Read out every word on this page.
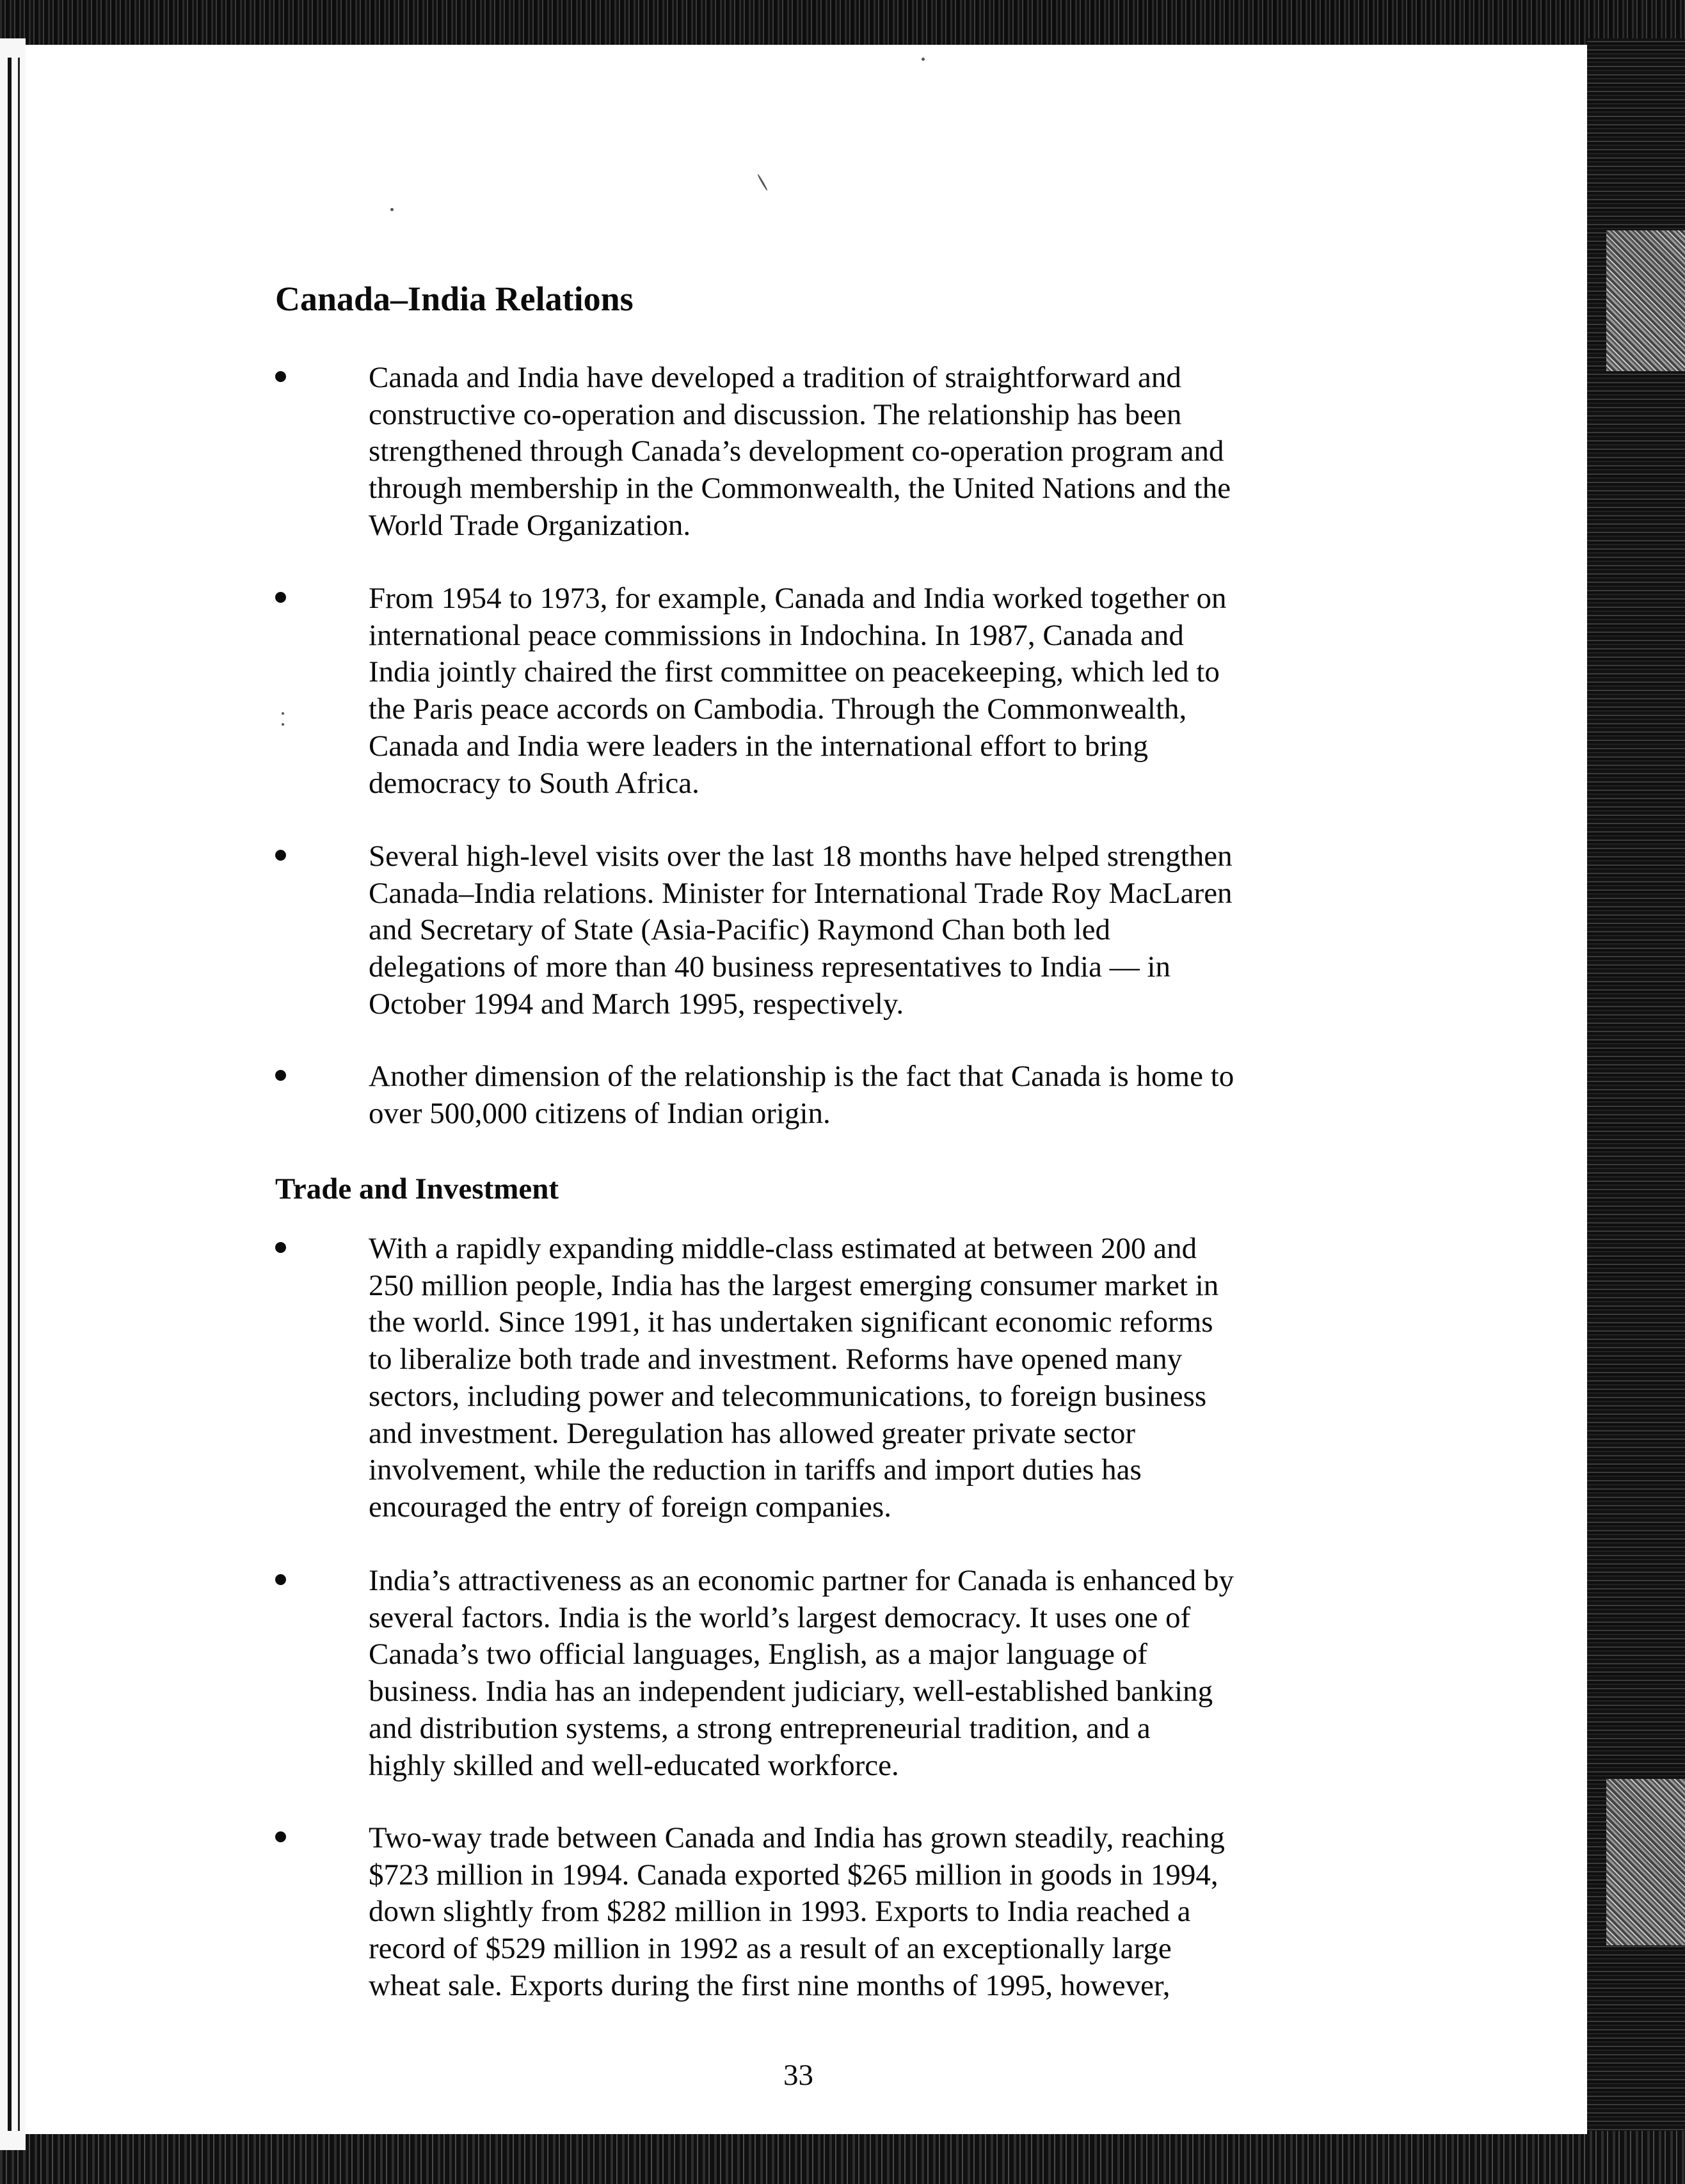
Canada–India Relations

Canada and India have developed a tradition of straightforward and
constructive co-operation and discussion. The relationship has been
strengthened through Canada’s development co-operation program and
through membership in the Commonwealth, the United Nations and the
World Trade Organization.

From 1954 to 1973, for example, Canada and India worked together on
international peace commissions in Indochina. In 1987, Canada and
India jointly chaired the first committee on peacekeeping, which led to
the Paris peace accords on Cambodia. Through the Commonwealth,
Canada and India were leaders in the international effort to bring
democracy to South Africa.

Several high-level visits over the last 18 months have helped strengthen
Canada–India relations. Minister for International Trade Roy MacLaren
and Secretary of State (Asia-Pacific) Raymond Chan both led
delegations of more than 40 business representatives to India — in
October 1994 and March 1995, respectively.

Another dimension of the relationship is the fact that Canada is home to
over 500,000 citizens of Indian origin.

Trade and Investment

With a rapidly expanding middle-class estimated at between 200 and
250 million people, India has the largest emerging consumer market in
the world. Since 1991, it has undertaken significant economic reforms
to liberalize both trade and investment. Reforms have opened many
sectors, including power and telecommunications, to foreign business
and investment. Deregulation has allowed greater private sector
involvement, while the reduction in tariffs and import duties has
encouraged the entry of foreign companies.

India’s attractiveness as an economic partner for Canada is enhanced by
several factors. India is the world’s largest democracy. It uses one of
Canada’s two official languages, English, as a major language of
business. India has an independent judiciary, well-established banking
and distribution systems, a strong entrepreneurial tradition, and a
highly skilled and well-educated workforce.

Two-way trade between Canada and India has grown steadily, reaching
$723 million in 1994. Canada exported $265 million in goods in 1994,
down slightly from $282 million in 1993. Exports to India reached a
record of $529 million in 1992 as a result of an exceptionally large
wheat sale. Exports during the first nine months of 1995, however,

33
